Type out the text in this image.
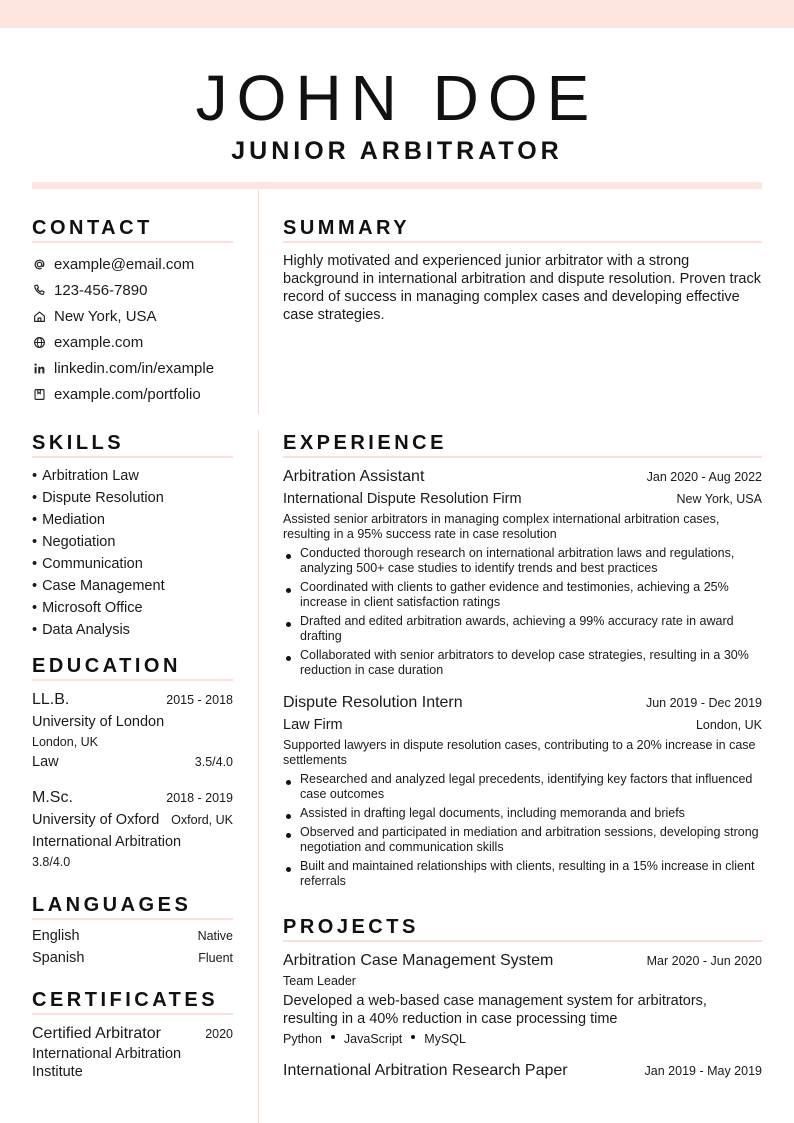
JOHN DOE
JUNIOR ARBITRATOR
CONTACT
example@email.com
123-456-7890
New York, USA
example.com
linkedin.com/in/example
example.com/portfolio
SUMMARY

Highly motivated and experienced junior arbitrator with a strong background in international arbitration and dispute resolution. Proven track record of success in managing complex cases and developing effective case strategies.

SKILLS
• Arbitration Law
• Dispute Resolution
• Mediation
• Negotiation
• Communication
• Case Management
• Microsoft Office
• Data Analysis
EDUCATION
LL.B.	2015 - 2018
University of London
London, UK
Law	3.5/4.0
M.Sc.	2018 - 2019
University of Oxford Oxford, UK
International Arbitration
3.8/4.0
LANGUAGES
English	Native
Spanish	Fluent
CERTIFICATES
Certified Arbitrator	2020
International Arbitration Institute
EXPERIENCE
Arbitration Assistant	Jan 2020 - Aug 2022
International Dispute Resolution Firm	New York, USA

Assisted senior arbitrators in managing complex international arbitration cases, resulting in a 95% success rate in case resolution

Conducted thorough research on international arbitration laws and regulations, analyzing 500+ case studies to identify trends and best practices
Coordinated with clients to gather evidence and testimonies, achieving a 25% increase in client satisfaction ratings
Drafted and edited arbitration awards, achieving a 99% accuracy rate in award drafting
Collaborated with senior arbitrators to develop case strategies, resulting in a 30% reduction in case duration
Dispute Resolution Intern	Jun 2019 - Dec 2019
Law Firm	London, UK

Supported lawyers in dispute resolution cases, contributing to a 20% increase in case settlements

Researched and analyzed legal precedents, identifying key factors that influenced case outcomes
Assisted in drafting legal documents, including memoranda and briefs
Observed and participated in mediation and arbitration sessions, developing strong negotiation and communication skills
Built and maintained relationships with clients, resulting in a 15% increase in client referrals
PROJECTS
Arbitration Case Management System	Mar 2020 - Jun 2020
Team Leader

Developed a web-based case management system for arbitrators, resulting in a 40% reduction in case processing time

Python JavaScript MySQL
International Arbitration Research Paper	Jan 2019 - May 2019
